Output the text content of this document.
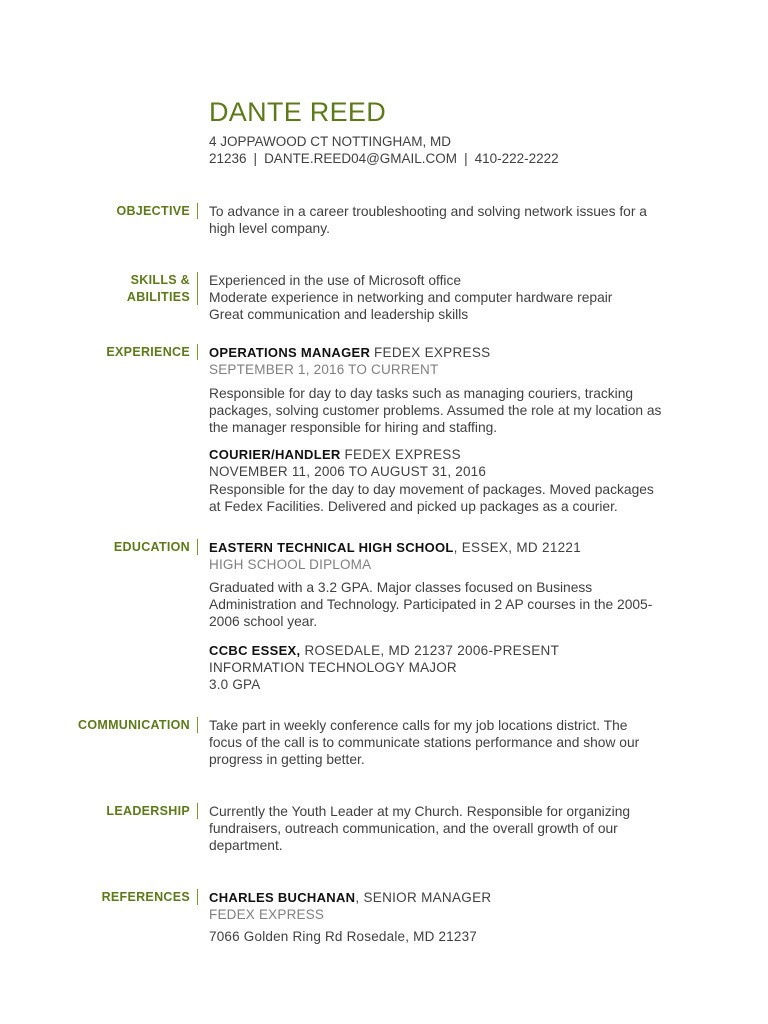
DANTE REED
4 JOPPAWOOD CT NOTTINGHAM, MD
21236 | DANTE.REED04@GMAIL.COM | 410-222-2222
OBJECTIVE To advance in a career troubleshooting and solving network issues for a high level company.
SKILLS &
ABILITIES
Experienced in the use of Microsoft office
Moderate experience in networking and computer hardware repair
Great communication and leadership skills
EXPERIENCE OPERATIONS MANAGER FEDEX EXPRESS
SEPTEMBER 1, 2016 TO CURRENT

Responsible for day to day tasks such as managing couriers, tracking packages, solving customer problems. Assumed the role at my location as the manager responsible for hiring and staffing.

COURIER/HANDLER FEDEX EXPRESS
NOVEMBER 11, 2006 TO AUGUST 31, 2016

Responsible for the day to day movement of packages. Moved packages at Fedex Facilities. Delivered and picked up packages as a courier.

EDUCATION EASTERN TECHNICAL HIGH SCHOOL, ESSEX, MD 21221
HIGH SCHOOL DIPLOMA

Graduated with a 3.2 GPA. Major classes focused on Business Administration and Technology. Participated in 2 AP courses in the 2005-2006 school year.

CCBC ESSEX, ROSEDALE, MD 21237 2006-PRESENT
INFORMATION TECHNOLOGY MAJOR
3.0 GPA
COMMUNICATION Take part in weekly conference calls for my job locations district. The focus of the call is to communicate stations performance and show our progress in getting better.
LEADERSHIP Currently the Youth Leader at my Church. Responsible for organizing fundraisers, outreach communication, and the overall growth of our department.
REFERENCES CHARLES BUCHANAN, SENIOR MANAGER
FEDEX EXPRESS
7066 Golden Ring Rd Rosedale, MD 21237
